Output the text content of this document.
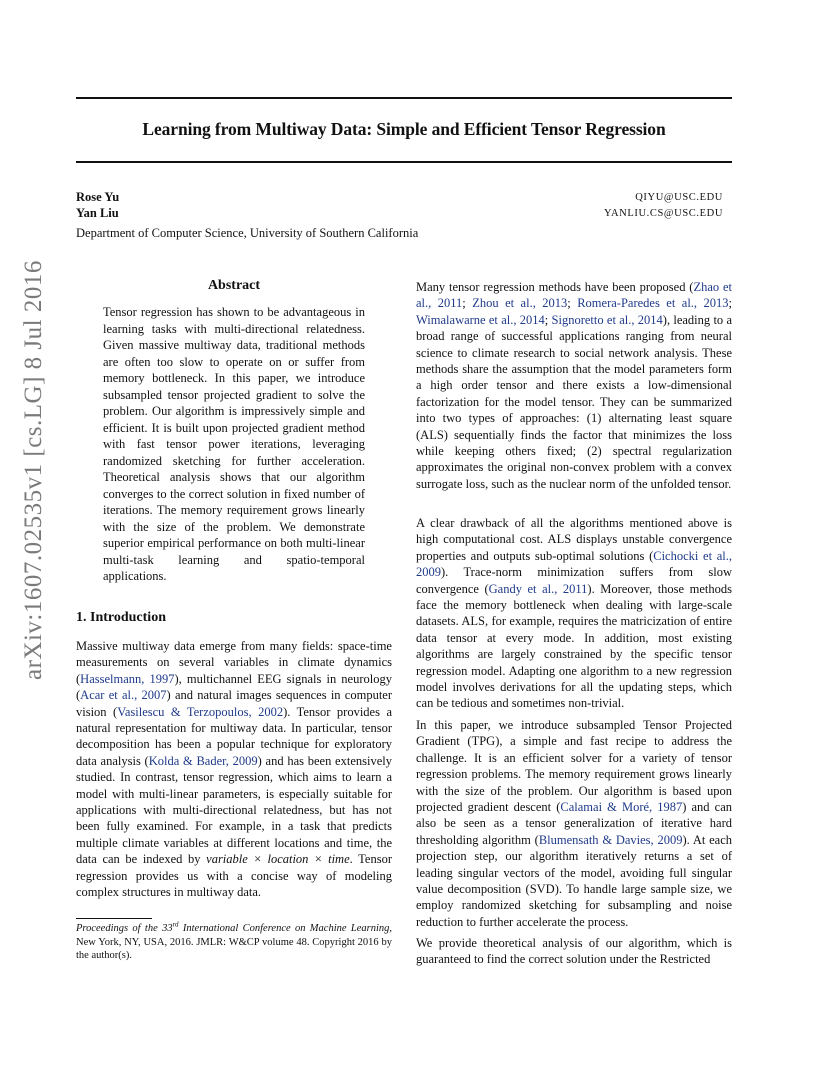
arXiv:1607.02535v1 [cs.LG] 8 Jul 2016
Learning from Multiway Data: Simple and Efficient Tensor Regression
Rose Yu	QIYU@USC.EDU
Yan Liu	YANLIU.CS@USC.EDU
Department of Computer Science, University of Southern California
Abstract
Tensor regression has shown to be advantageous in learning tasks with multi-directional relatedness. Given massive multiway data, traditional methods are often too slow to operate on or suffer from memory bottleneck. In this paper, we introduce subsampled tensor projected gradient to solve the problem. Our algorithm is impressively simple and efficient. It is built upon projected gradient method with fast tensor power iterations, leveraging randomized sketching for further acceleration. Theoretical analysis shows that our algorithm converges to the correct solution in fixed number of iterations. The memory requirement grows linearly with the size of the problem. We demonstrate superior empirical performance on both multi-linear multi-task learning and spatio-temporal applications.
1. Introduction
Massive multiway data emerge from many fields: space-time measurements on several variables in climate dynamics (Hasselmann, 1997), multichannel EEG signals in neurology (Acar et al., 2007) and natural images sequences in computer vision (Vasilescu & Terzopoulos, 2002). Tensor provides a natural representation for multiway data. In particular, tensor decomposition has been a popular technique for exploratory data analysis (Kolda & Bader, 2009) and has been extensively studied. In contrast, tensor regression, which aims to learn a model with multi-linear parameters, is especially suitable for applications with multi-directional relatedness, but has not been fully examined. For example, in a task that predicts multiple climate variables at different locations and time, the data can be indexed by variable × location × time. Tensor regression provides us with a concise way of modeling complex structures in multiway data.
Proceedings of the 33rd International Conference on Machine Learning, New York, NY, USA, 2016. JMLR: W&CP volume 48. Copyright 2016 by the author(s).
Many tensor regression methods have been proposed (Zhao et al., 2011; Zhou et al., 2013; Romera-Paredes et al., 2013; Wimalawarne et al., 2014; Signoretto et al., 2014), leading to a broad range of successful applications ranging from neural science to climate research to social network analysis. These methods share the assumption that the model parameters form a high order tensor and there exists a low-dimensional factorization for the model tensor. They can be summarized into two types of approaches: (1) alternating least square (ALS) sequentially finds the factor that minimizes the loss while keeping others fixed; (2) spectral regularization approximates the original non-convex problem with a convex surrogate loss, such as the nuclear norm of the unfolded tensor.
A clear drawback of all the algorithms mentioned above is high computational cost. ALS displays unstable convergence properties and outputs sub-optimal solutions (Cichocki et al., 2009). Trace-norm minimization suffers from slow convergence (Gandy et al., 2011). Moreover, those methods face the memory bottleneck when dealing with large-scale datasets. ALS, for example, requires the matricization of entire data tensor at every mode. In addition, most existing algorithms are largely constrained by the specific tensor regression model. Adapting one algorithm to a new regression model involves derivations for all the updating steps, which can be tedious and sometimes non-trivial.
In this paper, we introduce subsampled Tensor Projected Gradient (TPG), a simple and fast recipe to address the challenge. It is an efficient solver for a variety of tensor regression problems. The memory requirement grows linearly with the size of the problem. Our algorithm is based upon projected gradient descent (Calamai & Moré, 1987) and can also be seen as a tensor generalization of iterative hard thresholding algorithm (Blumensath & Davies, 2009). At each projection step, our algorithm iteratively returns a set of leading singular vectors of the model, avoiding full singular value decomposition (SVD). To handle large sample size, we employ randomized sketching for subsampling and noise reduction to further accelerate the process.
We provide theoretical analysis of our algorithm, which is guaranteed to find the correct solution under the Restricted
